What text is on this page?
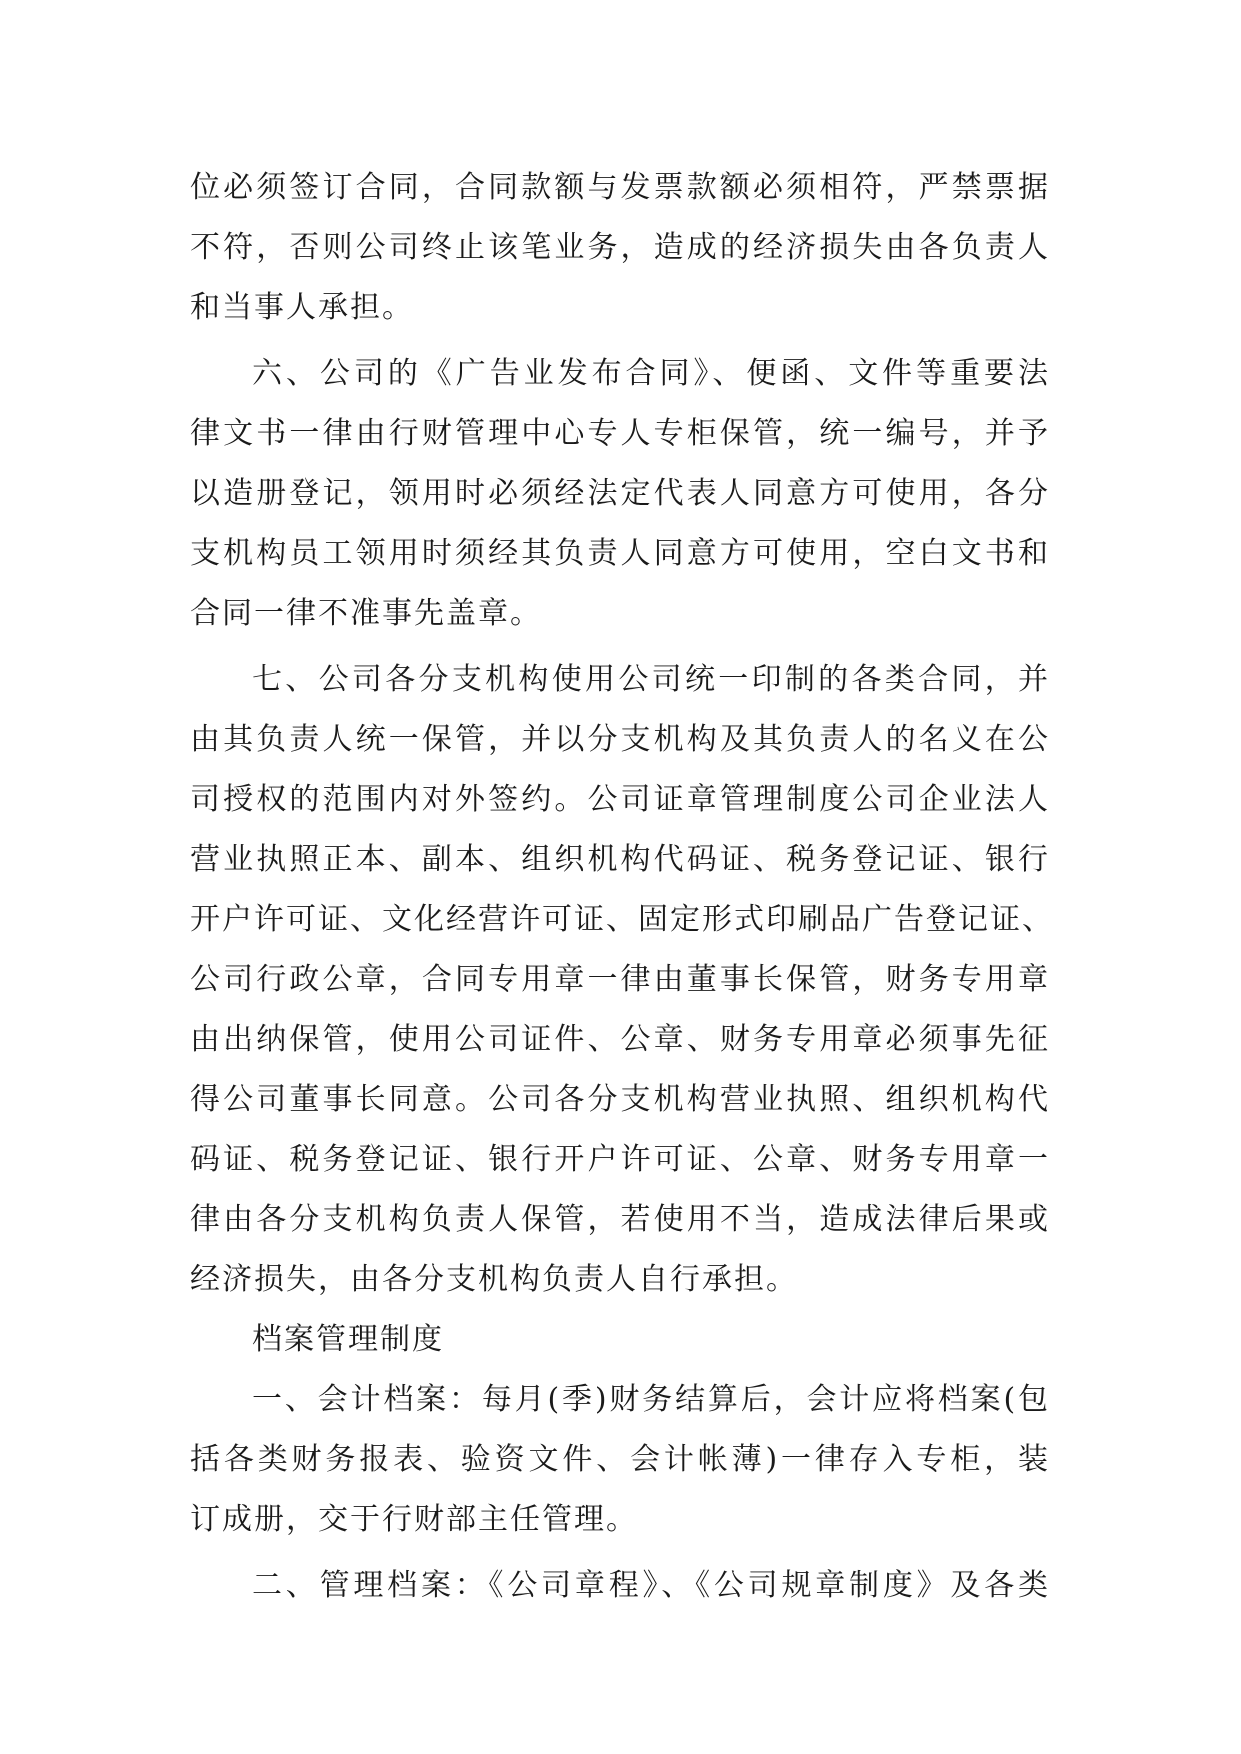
位必须签订合同，合同款额与发票款额必须相符，严禁票据
不符，否则公司终止该笔业务，造成的经济损失由各负责人
和当事人承担。
六、公司的《广告业发布合同》、便函、文件等重要法
律文书一律由行财管理中心专人专柜保管，统一编号，并予
以造册登记，领用时必须经法定代表人同意方可使用，各分
支机构员工领用时须经其负责人同意方可使用，空白文书和
合同一律不准事先盖章。
七、公司各分支机构使用公司统一印制的各类合同，并
由其负责人统一保管，并以分支机构及其负责人的名义在公
司授权的范围内对外签约。公司证章管理制度公司企业法人
营业执照正本、副本、组织机构代码证、税务登记证、银行
开户许可证、文化经营许可证、固定形式印刷品广告登记证、
公司行政公章，合同专用章一律由董事长保管，财务专用章
由出纳保管，使用公司证件、公章、财务专用章必须事先征
得公司董事长同意。公司各分支机构营业执照、组织机构代
码证、税务登记证、银行开户许可证、公章、财务专用章一
律由各分支机构负责人保管，若使用不当，造成法律后果或
经济损失，由各分支机构负责人自行承担。
档案管理制度
一、会计档案：每月(季)财务结算后，会计应将档案(包
括各类财务报表、验资文件、会计帐薄)一律存入专柜，装
订成册，交于行财部主任管理。
二、管理档案：《公司章程》、《公司规章制度》及各类
